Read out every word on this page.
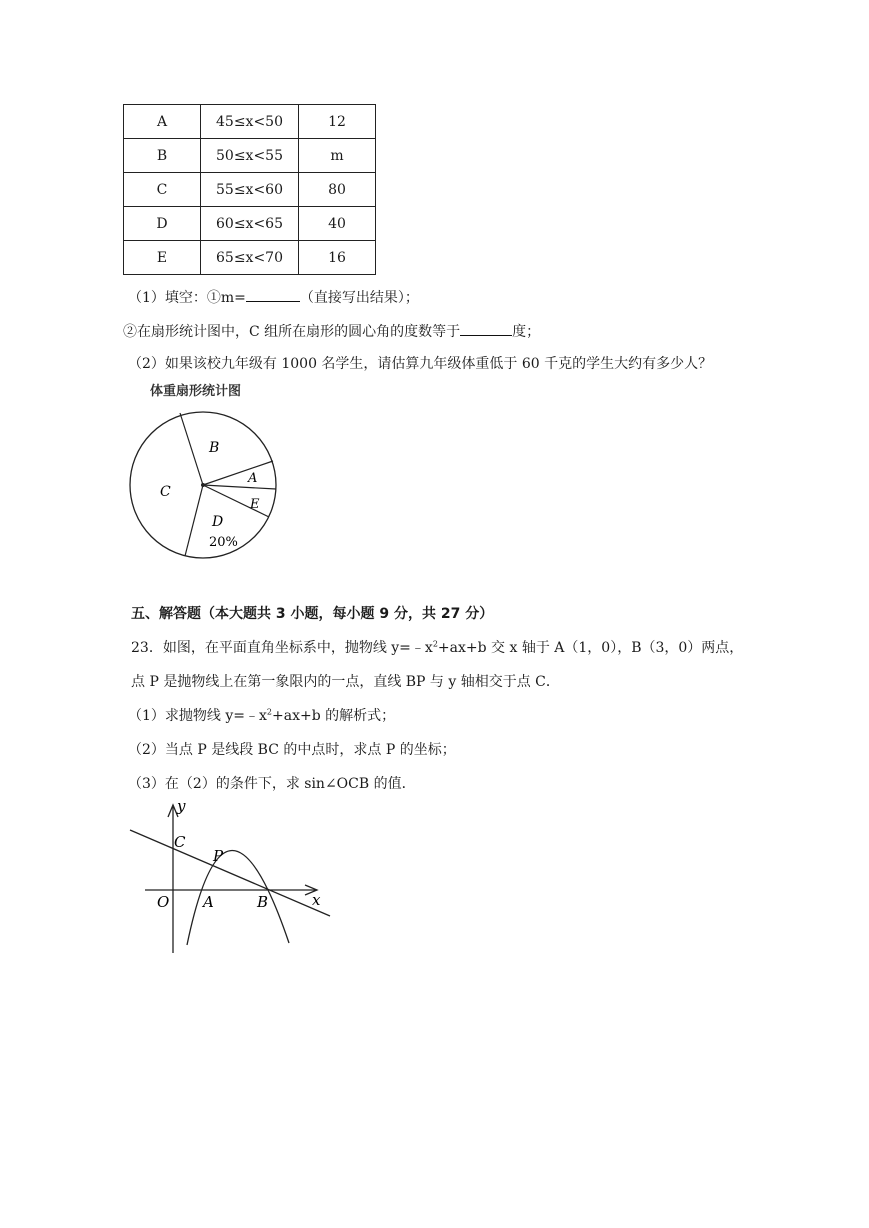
A	45≤x<50	12
B	50≤x<55	m
C	55≤x<60	80
D	60≤x<65	40
E	65≤x<70	16
（1）填空：①m=	（直接写出结果）；
②在扇形统计图中，C 组所在扇形的圆心角的度数等于	度；
（2）如果该校九年级有 1000 名学生，请估算九年级体重低于 60 千克的学生大约有多少人？
体重扇形统计图
B
C
A
E
D
20%
五、解答题（本大题共 3 小题，每小题 9 分，共 27 分）
23．如图，在平面直角坐标系中，抛物线 $y=﹣x^2+ax+b$ 交 x 轴于 A（1，0），B（3，0）两点，
点 P 是抛物线上在第一象限内的一点，直线 BP 与 y 轴相交于点 C．
（1）求抛物线 $y=﹣x^2+ax+b$ 的解析式；
（2）当点 P 是线段 BC 的中点时，求点 P 的坐标；
（3）在（2）的条件下，求 sin∠OCB 的值．
y
x
C
P
O A	B
